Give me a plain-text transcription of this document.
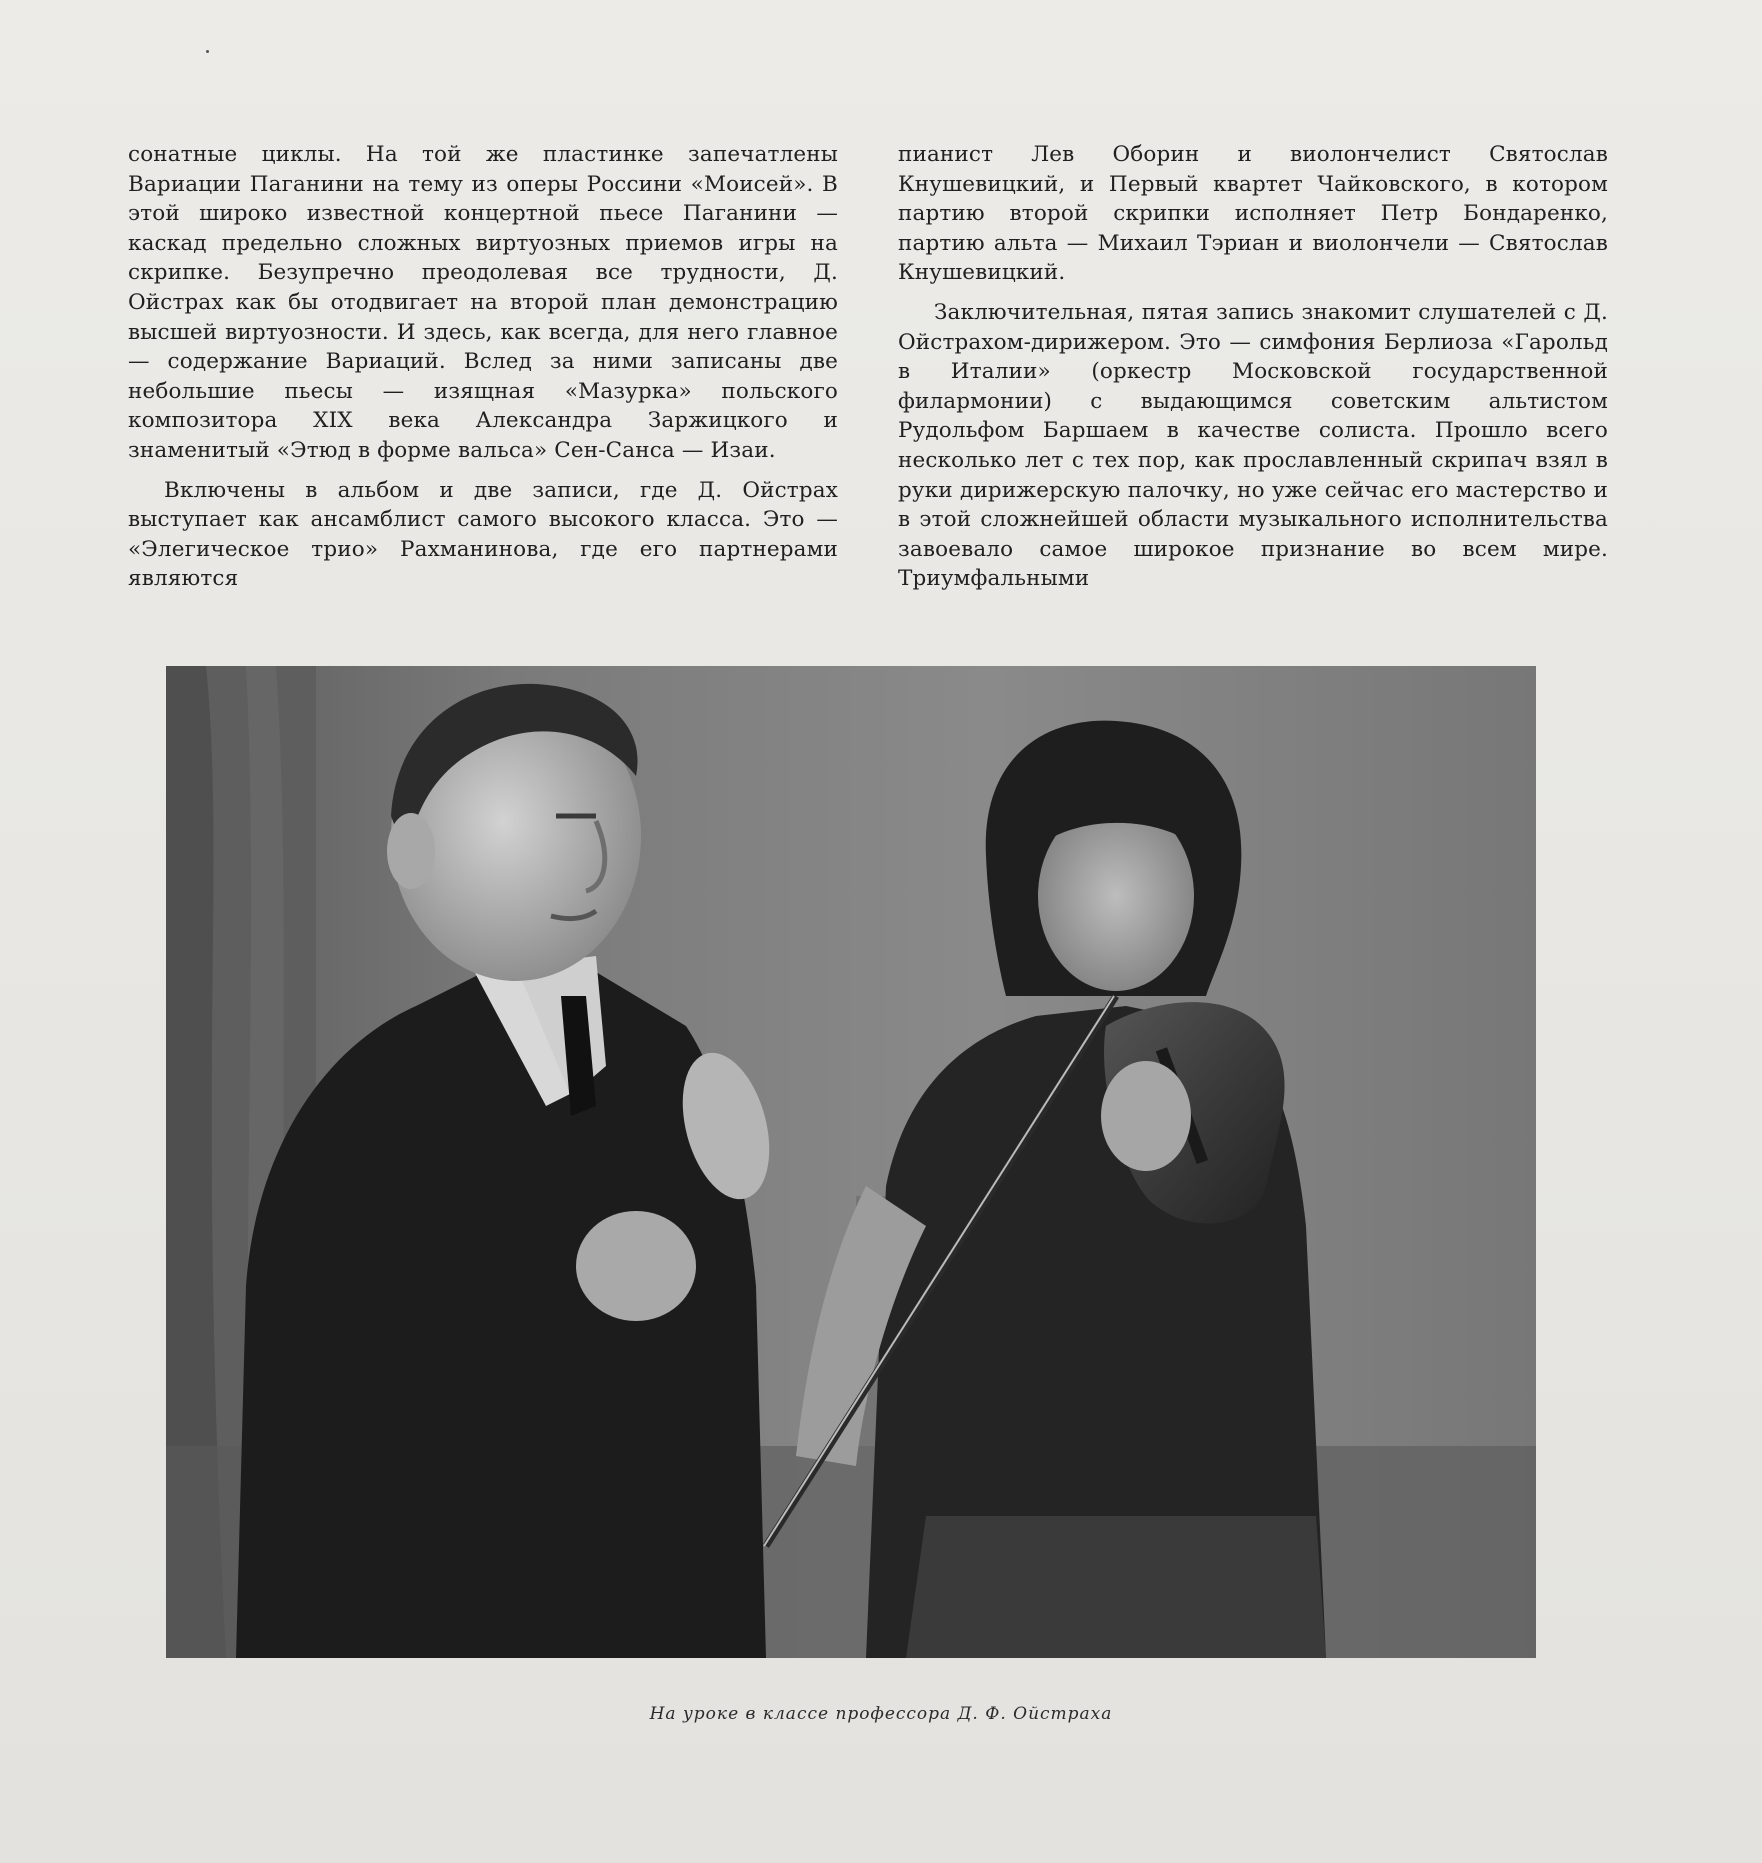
сонатные циклы. На той же пластинке запечатлены Вариации Паганини на тему из оперы Россини «Моисей». В этой широко известной концертной пьесе Паганини — каскад предельно сложных виртуозных приемов игры на скрипке. Безупречно преодолевая все трудности, Д. Ойстрах как бы отодвигает на второй план демонстрацию высшей виртуозности. И здесь, как всегда, для него главное — содержание Вариаций. Вслед за ними записаны две небольшие пьесы — изящная «Мазурка» польского композитора XIX века Александра Заржицкого и знаменитый «Этюд в форме вальса» Сен-Санса — Изаи.

Включены в альбом и две записи, где Д. Ойстрах выступает как ансамблист самого высокого класса. Это — «Элегическое трио» Рахманинова, где его партнерами являются

пианист Лев Оборин и виолончелист Святослав Кнушевицкий, и Первый квартет Чайковского, в котором партию второй скрипки исполняет Петр Бондаренко, партию альта — Михаил Тэриан и виолончели — Святослав Кнушевицкий.

Заключительная, пятая запись знакомит слушателей с Д. Ойстрахом-дирижером. Это — симфония Берлиоза «Гарольд в Италии» (оркестр Московской государственной филармонии) с выдающимся советским альтистом Рудольфом Баршаем в качестве солиста. Прошло всего несколько лет с тех пор, как прославленный скрипач взял в руки дирижерскую палочку, но уже сейчас его мастерство и в этой сложнейшей области музыкального исполнительства завоевало самое широкое признание во всем мире. Триумфальными

На уроке в классе профессора Д. Ф. Ойстраха
